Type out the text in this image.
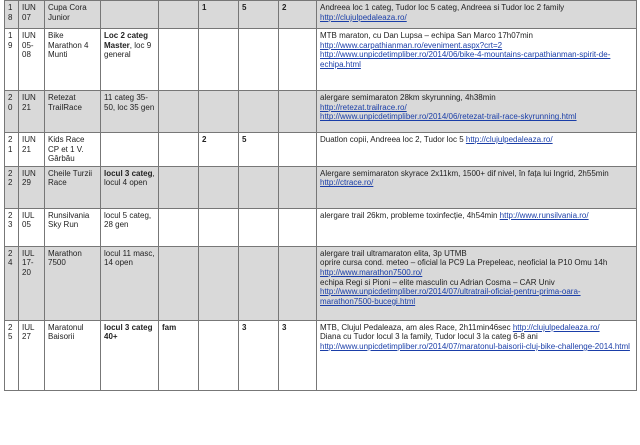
18	IUN 07	Cupa Cora Junior			1	5	2	Andreea loc 1 categ, Tudor loc 5 categ, Andreea si Tudor loc 2 family http://clujulpedaleaza.ro/
19	IUN 05-08	Bike Marathon 4 Munti	Loc 2 categ Master, loc 9 general					MTB maraton, cu Dan Lupsa – echipa San Marco 17h07min
http://www.carpathianman.ro/eveniment.aspx?crt=2
http://www.unpicdetimpliber.ro/2014/06/bike-4-mountains-carpathianman-spirit-de-echipa.html
20	IUN 21	Retezat TrailRace	11 categ 35-50, loc 35 gen					alergare semimaraton 28km skyrunning, 4h38min
http://retezat.trailrace.ro/
http://www.unpicdetimpliber.ro/2014/06/retezat-trail-race-skyrunning.html
21	IUN 21	Kids Race CP et 1 V. Gârbău			2	5		Duatlon copii, Andreea loc 2, Tudor loc 5 http://clujulpedaleaza.ro/
22	IUN 29	Cheile Turzii Race	locul 3 categ, locul 4 open					Alergare semimaraton skyrace 2x11km, 1500+ dif nivel, în fața lui Ingrid, 2h55min http://ctrace.ro/
23	IUL 05	Runsilvania Sky Run	locul 5 categ, 28 gen					alergare trail 26km, probleme toxinfecție, 4h54min http://www.runsilvania.ro/
24	IUL 17-20	Marathon 7500	locul 11 masc, 14 open					alergare trail ultramaraton elita, 3p UTMB
oprire cursa cond. meteo – oficial la PC9 La Prepeleac, neoficial la P10 Omu 14h http://www.marathon7500.ro/
echipa Regi si Pioni – elite masculin cu Adrian Cosma – CAR Univ
http://www.unpicdetimpliber.ro/2014/07/ultratrail-oficial-pentru-prima-oara-marathon7500-bucegi.html
25	IUL 27	Maratonul Baisorii	locul 3 categ 40+	fam		3	3	MTB, Clujul Pedaleaza, am ales Race, 2h11min46sec http://clujulpedaleaza.ro/
Diana cu Tudor locul 3 la family, Tudor locul 3 la categ 6-8 ani
http://www.unpicdetimpliber.ro/2014/07/maratonul-baisorii-cluj-bike-challenge-2014.html
